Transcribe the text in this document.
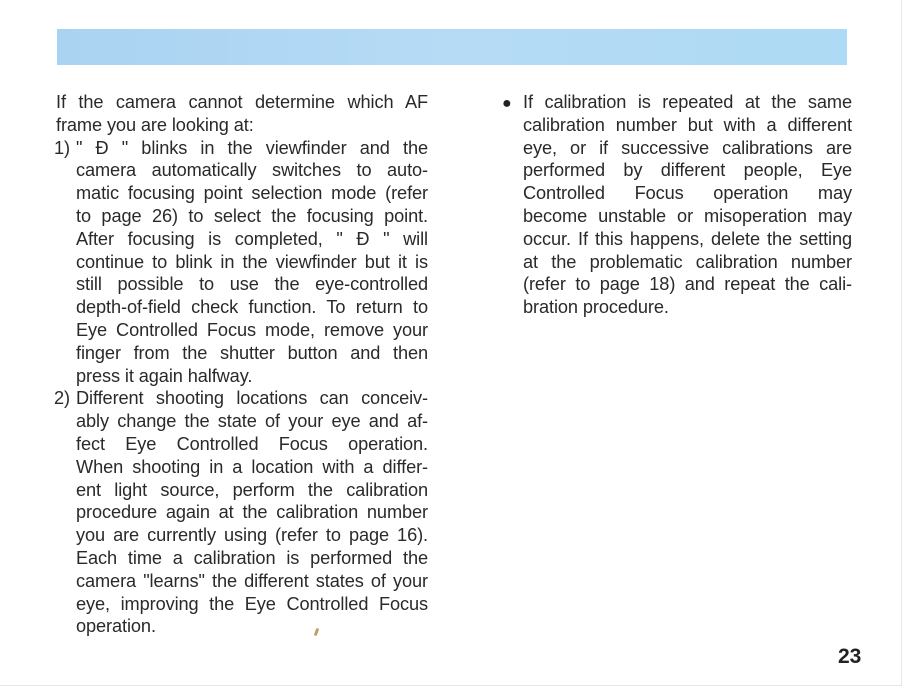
If the camera cannot determine which AF
frame you are looking at:
1) " Đ " blinks in the viewfinder and the
camera automatically switches to auto-
matic focusing point selection mode (refer
to page 26) to select the focusing point.
After focusing is completed, " Đ " will
continue to blink in the viewfinder but it is
still possible to use the eye-controlled
depth-of-field check function. To return to
Eye Controlled Focus mode, remove your
finger from the shutter button and then
press it again halfway.
2) Different shooting locations can conceiv-
ably change the state of your eye and af-
fect Eye Controlled Focus operation.
When shooting in a location with a differ-
ent light source, perform the calibration
procedure again at the calibration number
you are currently using (refer to page 16).
Each time a calibration is performed the
camera "learns" the different states of your
eye, improving the Eye Controlled Focus
operation.
● If calibration is repeated at the same
calibration number but with a different
eye, or if successive calibrations are
performed by different people, Eye
Controlled Focus operation may
become unstable or misoperation may
occur. If this happens, delete the setting
at the problematic calibration number
(refer to page 18) and repeat the cali-
bration procedure.
23
